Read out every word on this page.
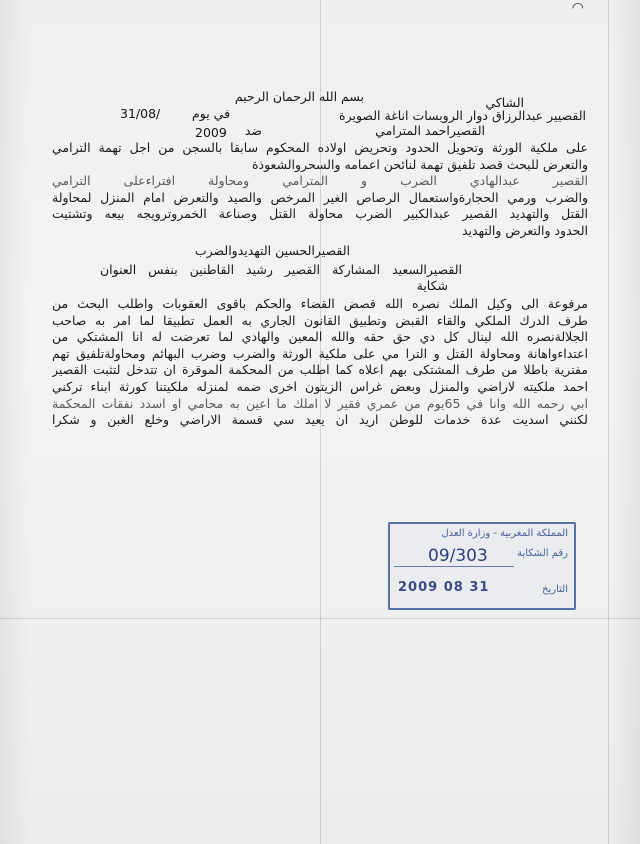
◠
بسم الله الرحمان الرحيم	الشاكي
القصيير عبدالرزاق دوار الرويسات اناغة الصويرة
في يوم
31/08/
2009 ضد	القصيراحمد المترامي
على ملكية الورثة وتحويل الحدود وتحريض اولاده المحكوم سابقا بالسجن من اجل تهمة الترامي
والتعرض للبحث قصد تلفيق تهمة لنائحن اعمامه والسحروالشعوذة
القصير عبدالهادي الضرب و المترامي ومحاولة افتراءعلى الترامي
والضرب ورمي الحجارةواستعمال الرصاص الغير المرخص والصيد والتعرض امام المنزل لمحاولة
القتل والتهديد القصير عبدالكبير الضرب محاولة القتل وصناعة الخمروترويجه بيعه وتشتيت
الحدود والتعرض والتهديد
القصيرالحسين التهديدوالضرب
القصيرالسعيد المشاركة القصير رشيد القاطنين بنفس العنوان
شكاية
مرفوعة الى وكيل الملك نصره الله قصض القضاء والحكم باقوى العقوبات واطلب البحث من
طرف الدرك الملكي والقاء القبض وتطبيق القانون الجاري به العمل تطبيقا لما امر به صاحب
الجلالةنصره الله لينال كل دي حق حقه والله المعين والهادي لما تعرضت له انا المشتكي من
اعتداءواهانة ومحاولة القتل و الترا مي على ملكية الورثة والضرب وضرب البهائم ومحاولةتلفيق تهم
مفترية باطلا من طرف المشتكى بهم اعلاه كما اطلب من المحكمة الموقرة ان تتدخل لتثبت القصير
احمد ملكيته لاراضي والمنزل وبعض غراس الزيتون اخرى ضمه لمنزله ملكيتنا كورثة ابناء تركني
ابي رحمه الله وانا في 65يوم من عمري فقير لا املك ما اعين به محامي او اسدد نفقات المحكمة
لكنني اسديت عدة خدمات للوطن اريد ان يعيد سي قسمة الاراضي وخلع الغبن و شكرا
المملكة المغربية - وزارة العدل
رقم الشكاية
09/303
التاريخ
2009 08 31
